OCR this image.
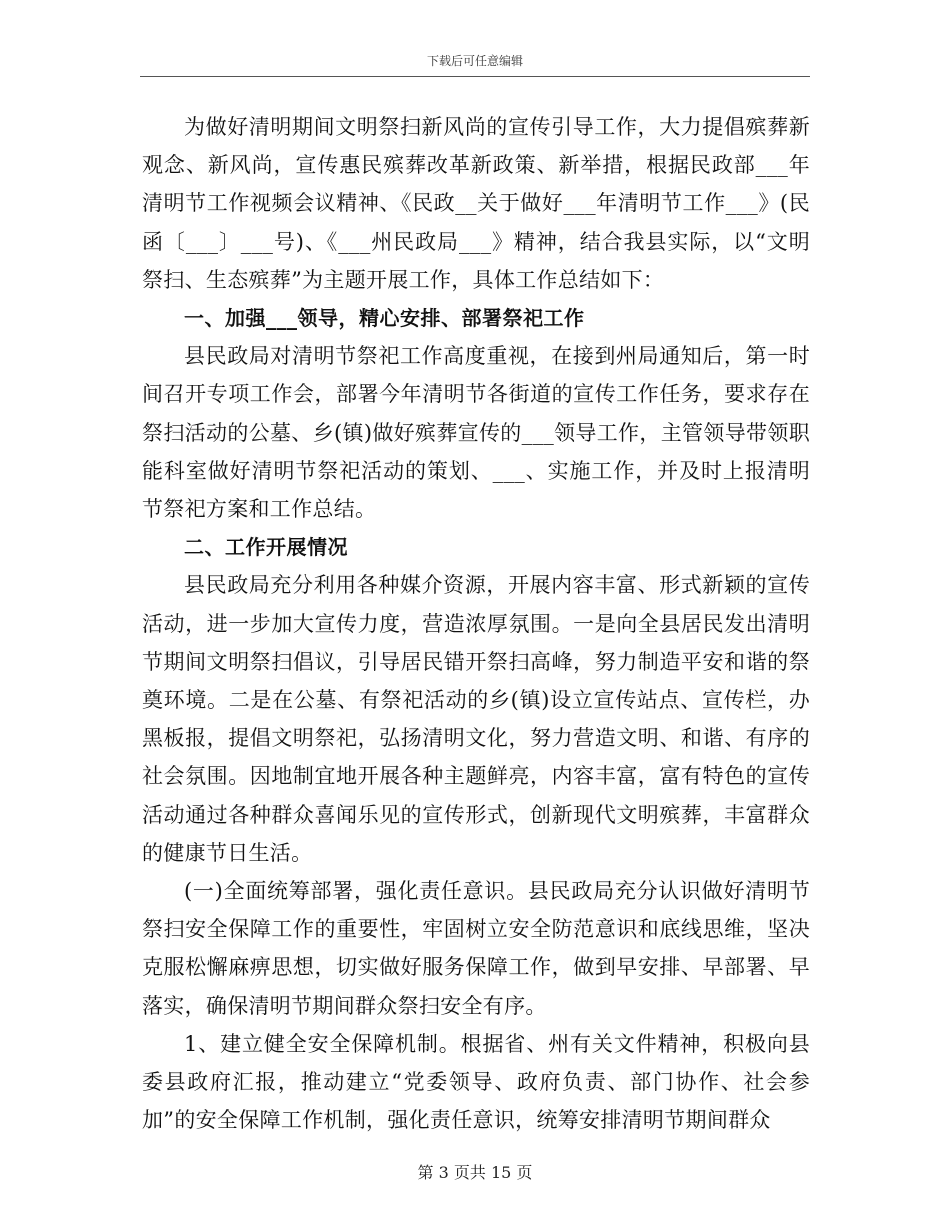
下载后可任意编辑

为做好清明期间文明祭扫新风尚的宣传引导工作，大力提倡殡葬新观念、新风尚，宣传惠民殡葬改革新政策、新举措，根据民政部___年清明节工作视频会议精神、《民政__关于做好___年清明节工作___》(民函〔___〕___号)、《___州民政局___》精神，结合我县实际，以“文明祭扫、生态殡葬”为主题开展工作，具体工作总结如下：

一、加强___领导，精心安排、部署祭祀工作

县民政局对清明节祭祀工作高度重视，在接到州局通知后，第一时间召开专项工作会，部署今年清明节各街道的宣传工作任务，要求存在祭扫活动的公墓、乡(镇)做好殡葬宣传的___领导工作，主管领导带领职能科室做好清明节祭祀活动的策划、___、实施工作，并及时上报清明节祭祀方案和工作总结。

二、工作开展情况

县民政局充分利用各种媒介资源，开展内容丰富、形式新颖的宣传活动，进一步加大宣传力度，营造浓厚氛围。一是向全县居民发出清明节期间文明祭扫倡议，引导居民错开祭扫高峰，努力制造平安和谐的祭奠环境。二是在公墓、有祭祀活动的乡(镇)设立宣传站点、宣传栏，办黑板报，提倡文明祭祀，弘扬清明文化，努力营造文明、和谐、有序的社会氛围。因地制宜地开展各种主题鲜亮，内容丰富，富有特色的宣传活动通过各种群众喜闻乐见的宣传形式，创新现代文明殡葬，丰富群众的健康节日生活。

(一)全面统筹部署，强化责任意识。县民政局充分认识做好清明节祭扫安全保障工作的重要性，牢固树立安全防范意识和底线思维，坚决克服松懈麻痹思想，切实做好服务保障工作，做到早安排、早部署、早落实，确保清明节期间群众祭扫安全有序。

1、建立健全安全保障机制。根据省、州有关文件精神，积极向县委县政府汇报，推动建立“党委领导、政府负责、部门协作、社会参加”的安全保障工作机制，强化责任意识，统筹安排清明节期间群众

第 3 页共 15 页
